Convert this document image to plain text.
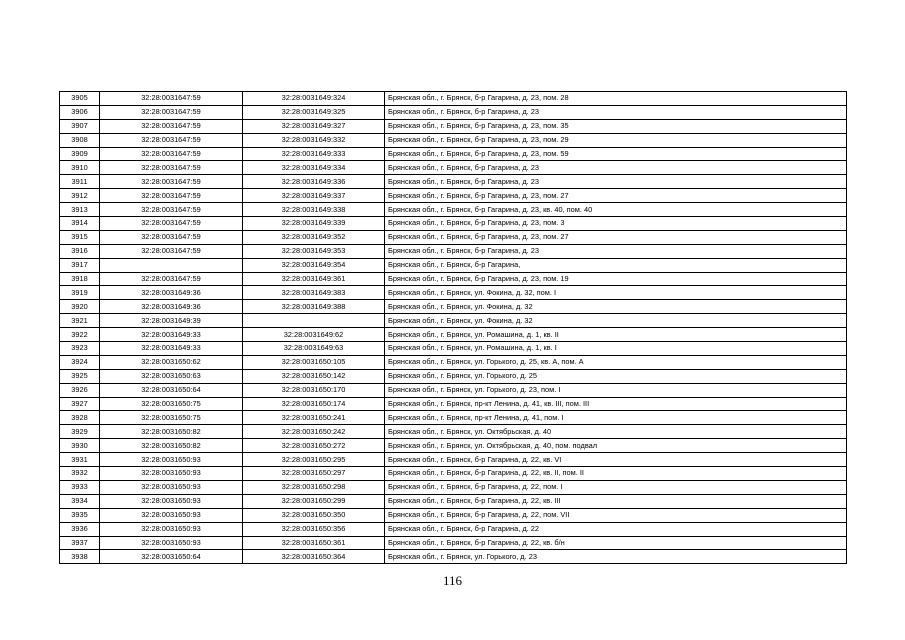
3905	32:28:0031647:59	32:28:0031649:324	Брянская обл., г. Брянск, б-р Гагарина, д. 23, пом. 28
3906	32:28:0031647:59	32:28:0031649:325	Брянская обл., г. Брянск, б-р Гагарина, д. 23
3907	32:28:0031647:59	32:28:0031649:327	Брянская обл., г. Брянск, б-р Гагарина, д. 23, пом. 35
3908	32:28:0031647:59	32:28:0031649:332	Брянская обл., г. Брянск, б-р Гагарина, д. 23, пом. 29
3909	32:28:0031647:59	32:28:0031649:333	Брянская обл., г. Брянск, б-р Гагарина, д. 23, пом. 59
3910	32:28:0031647:59	32:28:0031649:334	Брянская обл., г. Брянск, б-р Гагарина, д. 23
3911	32:28:0031647:59	32:28:0031649:336	Брянская обл., г. Брянск, б-р Гагарина, д. 23
3912	32:28:0031647:59	32:28:0031649:337	Брянская обл., г. Брянск, б-р Гагарина, д. 23, пом. 27
3913	32:28:0031647:59	32:28:0031649:338	Брянская обл., г. Брянск, б-р Гагарина, д. 23, кв. 40, пом. 40
3914	32:28:0031647:59	32:28:0031649:339	Брянская обл., г. Брянск, б-р Гагарина, д. 23, пом. 3
3915	32:28:0031647:59	32:28:0031649:352	Брянская обл., г. Брянск, б-р Гагарина, д. 23, пом. 27
3916	32:28:0031647:59	32:28:0031649:353	Брянская обл., г. Брянск, б-р Гагарина, д. 23
3917		32:28:0031649:354	Брянская обл., г. Брянск, б-р Гагарина,
3918	32:28:0031647:59	32:28:0031649:361	Брянская обл., г. Брянск, б-р Гагарина, д. 23, пом. 19
3919	32:28:0031649:36	32:28:0031649:383	Брянская обл., г. Брянск, ул. Фокина, д. 32, пом. I
3920	32:28:0031649:36	32:28:0031649:388	Брянская обл., г. Брянск, ул. Фокина, д. 32
3921	32:28:0031649:39		Брянская обл., г. Брянск, ул. Фокина, д. 32
3922	32:28:0031649:33	32:28:0031649:62	Брянская обл., г. Брянск, ул. Ромашина, д. 1, кв. II
3923	32:28:0031649:33	32:28:0031649:63	Брянская обл., г. Брянск, ул. Ромашина, д. 1, кв. I
3924	32:28:0031650:62	32:28:0031650:105	Брянская обл., г. Брянск, ул. Горького, д. 25, кв. А, пом. А
3925	32:28:0031650:63	32:28:0031650:142	Брянская обл., г. Брянск, ул. Горького, д. 25
3926	32:28:0031650:64	32:28:0031650:170	Брянская обл., г. Брянск, ул. Горького, д. 23, пом. I
3927	32:28:0031650:75	32:28:0031650:174	Брянская обл., г. Брянск, пр-кт Ленина, д. 41, кв. III, пом. III
3928	32:28:0031650:75	32:28:0031650:241	Брянская обл., г. Брянск, пр-кт Ленина, д. 41, пом. I
3929	32:28:0031650:82	32:28:0031650:242	Брянская обл., г. Брянск, ул. Октябрьская, д. 40
3930	32:28:0031650:82	32:28:0031650:272	Брянская обл., г. Брянск, ул. Октябрьская, д. 40, пом. подвал
3931	32:28:0031650:93	32:28:0031650:295	Брянская обл., г. Брянск, б-р Гагарина, д. 22, кв. VI
3932	32:28:0031650:93	32:28:0031650:297	Брянская обл., г. Брянск, б-р Гагарина, д. 22, кв. II, пом. II
3933	32:28:0031650:93	32:28:0031650:298	Брянская обл., г. Брянск, б-р Гагарина, д. 22, пом. I
3934	32:28:0031650:93	32:28:0031650:299	Брянская обл., г. Брянск, б-р Гагарина, д. 22, кв. III
3935	32:28:0031650:93	32:28:0031650:350	Брянская обл., г. Брянск, б-р Гагарина, д. 22, пом. VII
3936	32:28:0031650:93	32:28:0031650:356	Брянская обл., г. Брянск, б-р Гагарина, д. 22
3937	32:28:0031650:93	32:28:0031650:361	Брянская обл., г. Брянск, б-р Гагарина, д. 22, кв. б/н
3938	32:28:0031650:64	32:28:0031650:364	Брянская обл., г. Брянск, ул. Горького, д. 23
116
